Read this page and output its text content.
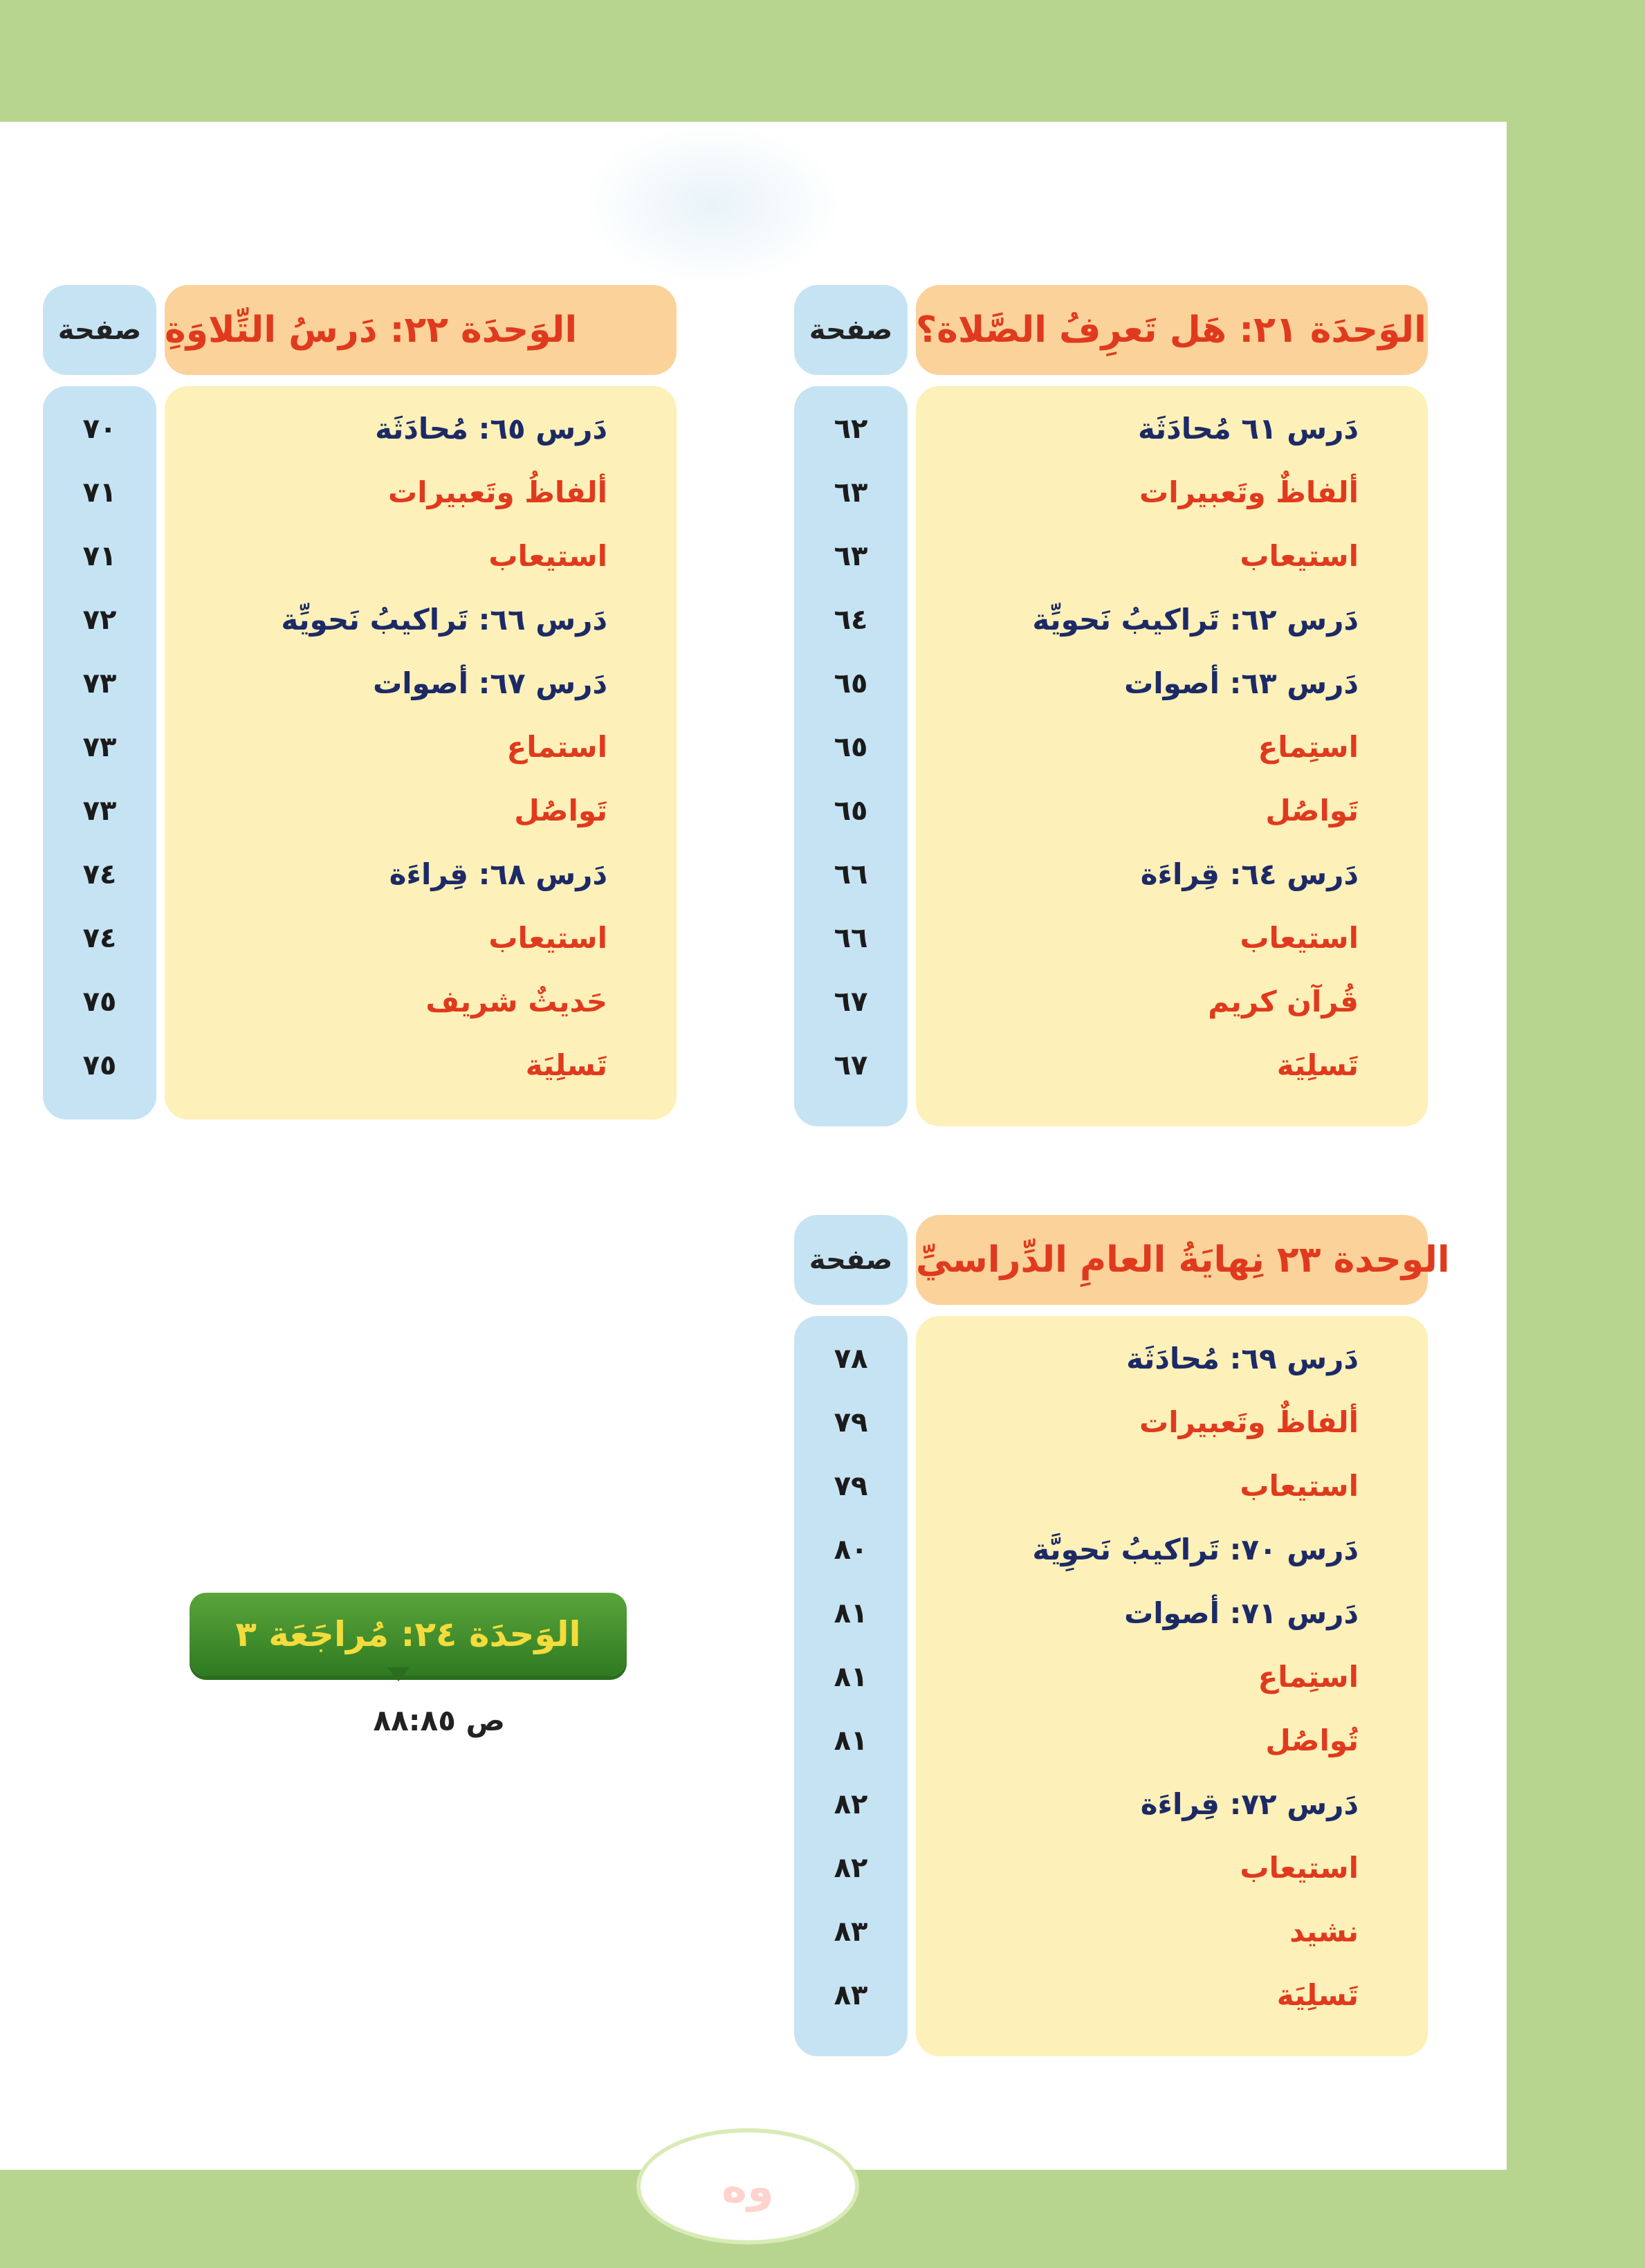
الوَحدَة ٢١: هَل تَعرِفُ الصَّلاة؟
صفحة
دَرس ٦١ مُحادَثَة
٦٢
ألفاظٌ وتَعبيرات
٦٣
استيعاب
٦٣
دَرس ٦٢: تَراكيبُ نَحويِّة
٦٤
دَرس ٦٣: أصوات
٦٥
استِماع
٦٥
تَواصُل
٦٥
دَرس ٦٤: قِراءَة
٦٦
استيعاب
٦٦
قُرآن كريم
٦٧
تَسلِيَة
٦٧
الوَحدَة ٢٢: دَرسُ التِّلاوَةِ
صفحة
دَرس ٦٥: مُحادَثَة
٧٠
ألفاظُ وتَعبيرات
٧١
استيعاب
٧١
دَرس ٦٦: تَراكيبُ نَحويِّة
٧٢
دَرس ٦٧: أصوات
٧٣
استماع
٧٣
تَواصُل
٧٣
دَرس ٦٨: قِراءَة
٧٤
استيعاب
٧٤
حَديثٌ شريف
٧٥
تَسلِيَة
٧٥
الوحدة ٢٣ نِهايَةُ العامِ الدِّراسيِّ
صفحة
دَرس ٦٩: مُحادَثَة
٧٨
ألفاظٌ وتَعبيرات
٧٩
استيعاب
٧٩
دَرس ٧٠: تَراكيبُ نَحوِيَّة
٨٠
دَرس ٧١: أصوات
٨١
استِماع
٨١
تُواصُل
٨١
دَرس ٧٢: قِراءَة
٨٢
استيعاب
٨٢
نشيد
٨٣
تَسلِيَة
٨٣
الوَحدَة ٢٤: مُراجَعَة ٣
ص ٨٨:٨٥
وه
